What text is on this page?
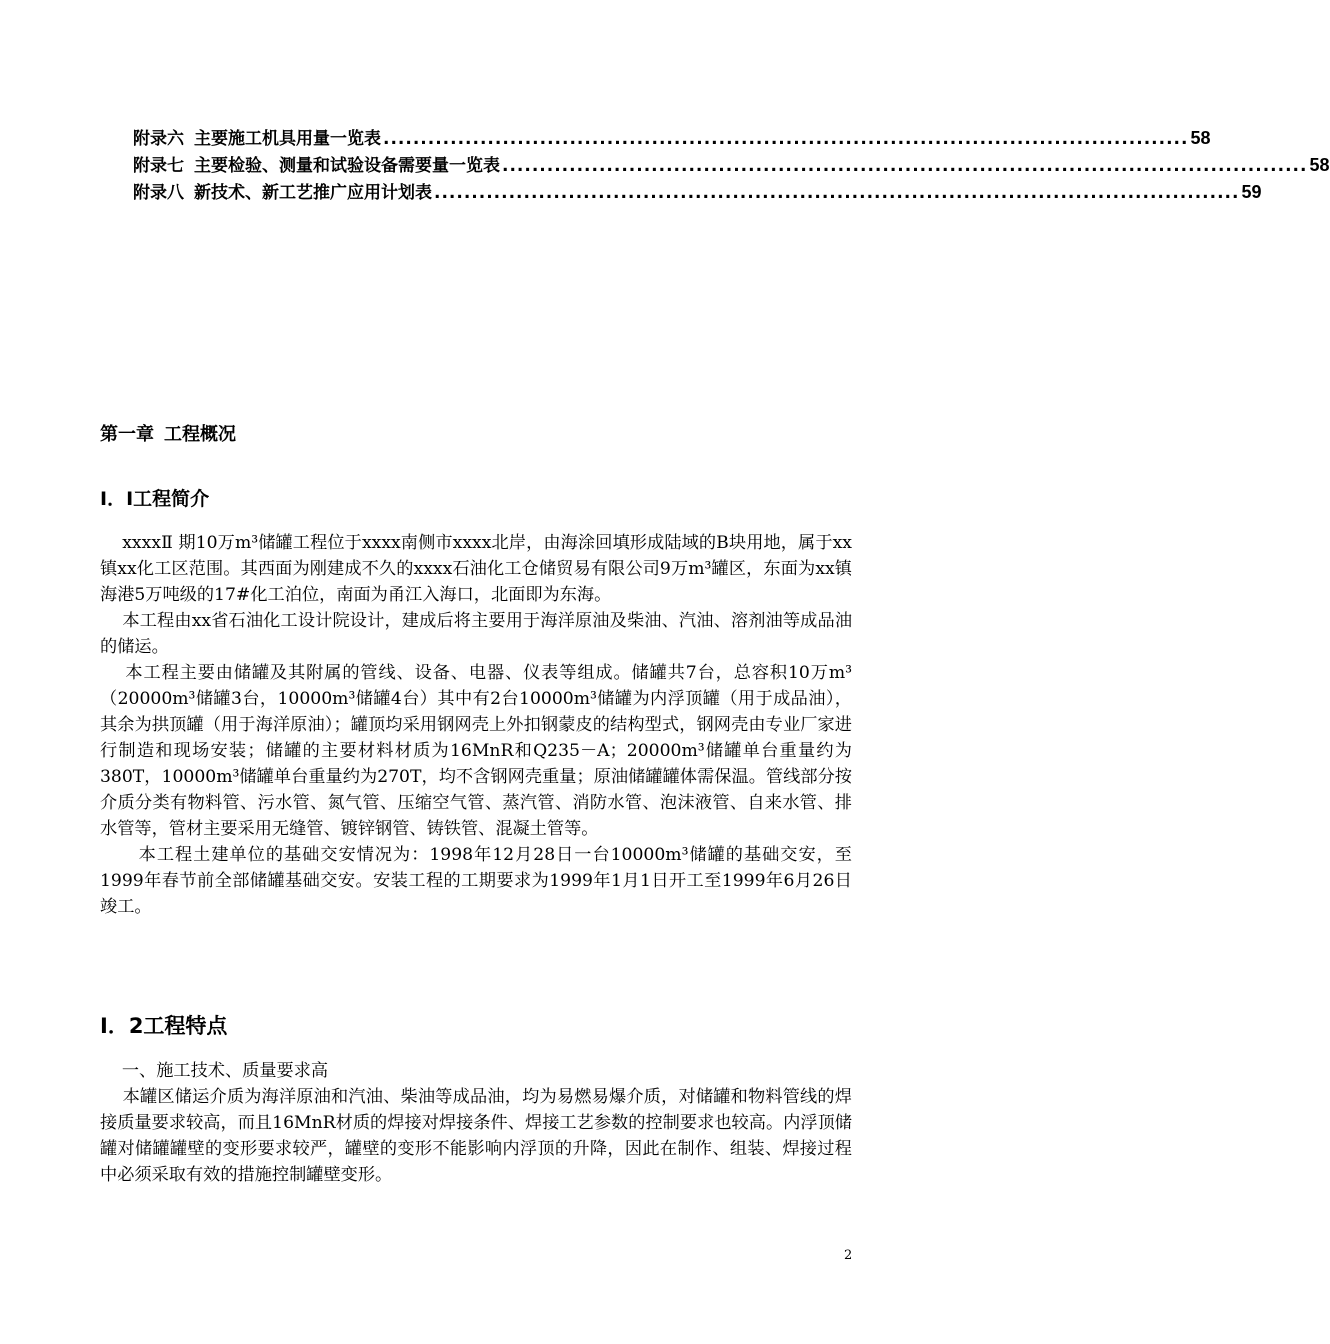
附录六 主要施工机具用量一览表 ............................................................................................................ 58
附录七 主要检验、测量和试验设备需要量一览表 ............................................................................................................ 58
附录八 新技术、新工艺推广应用计划表 ............................................................................................................ 59
第一章 工程概况
I．I工程简介

xxxxⅡ 期10万m³储罐工程位于xxxx南侧市xxxx北岸，由海涂回填形成陆域的B块用地，属于xx镇xx化工区范围。其西面为刚建成不久的xxxx石油化工仓储贸易有限公司9万m³罐区，东面为xx镇海港5万吨级的17#化工泊位，南面为甬江入海口，北面即为东海。

本工程由xx省石油化工设计院设计，建成后将主要用于海洋原油及柴油、汽油、溶剂油等成品油的储运。

本工程主要由储罐及其附属的管线、设备、电器、仪表等组成。储罐共7台，总容积10万m³（20000m³储罐3台，10000m³储罐4台）其中有2台10000m³储罐为内浮顶罐（用于成品油），其余为拱顶罐（用于海洋原油）；罐顶均采用钢网壳上外扣钢蒙皮的结构型式，钢网壳由专业厂家进行制造和现场安装；储罐的主要材料材质为16MnR和Q235－A；20000m³储罐单台重量约为380T，10000m³储罐单台重量约为270T，均不含钢网壳重量；原油储罐罐体需保温。管线部分按介质分类有物料管、污水管、氮气管、压缩空气管、蒸汽管、消防水管、泡沫液管、自来水管、排水管等，管材主要采用无缝管、镀锌钢管、铸铁管、混凝土管等。

本工程土建单位的基础交安情况为：1998年12月28日一台10000m³储罐的基础交安，至1999年春节前全部储罐基础交安。安装工程的工期要求为1999年1月1日开工至1999年6月26日竣工。

I．2工程特点

一、施工技术、质量要求高

本罐区储运介质为海洋原油和汽油、柴油等成品油，均为易燃易爆介质，对储罐和物料管线的焊接质量要求较高，而且16MnR材质的焊接对焊接条件、焊接工艺参数的控制要求也较高。内浮顶储罐对储罐罐壁的变形要求较严，罐壁的变形不能影响内浮顶的升降，因此在制作、组装、焊接过程中必须采取有效的措施控制罐壁变形。

2
